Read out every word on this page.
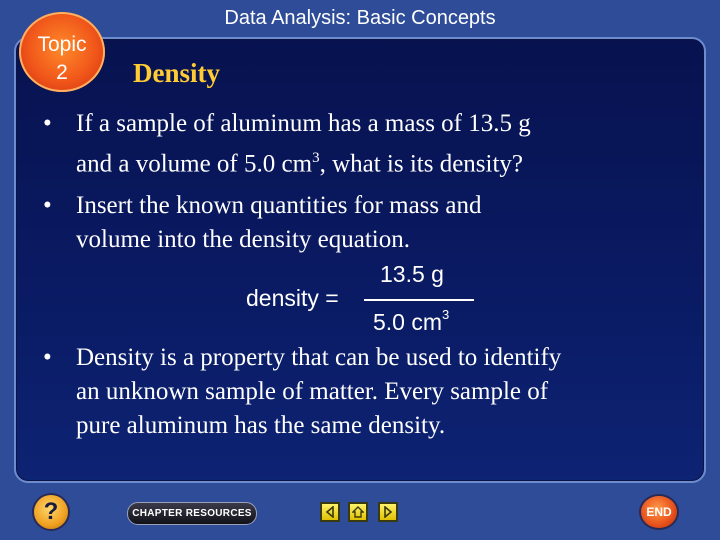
Data Analysis: Basic Concepts
Topic
2	Density
• If a sample of aluminum has a mass of 13.5 g
and a volume of 5.0 $cm^3$, what is its density?
• Insert the known quantities for mass and
volume into the density equation.
density =
13.5 g
5.0 $cm^3$
• Density is a property that can be used to identify
an unknown sample of matter. Every sample of
pure aluminum has the same density.
?	CHAPTER RESOURCES	END
